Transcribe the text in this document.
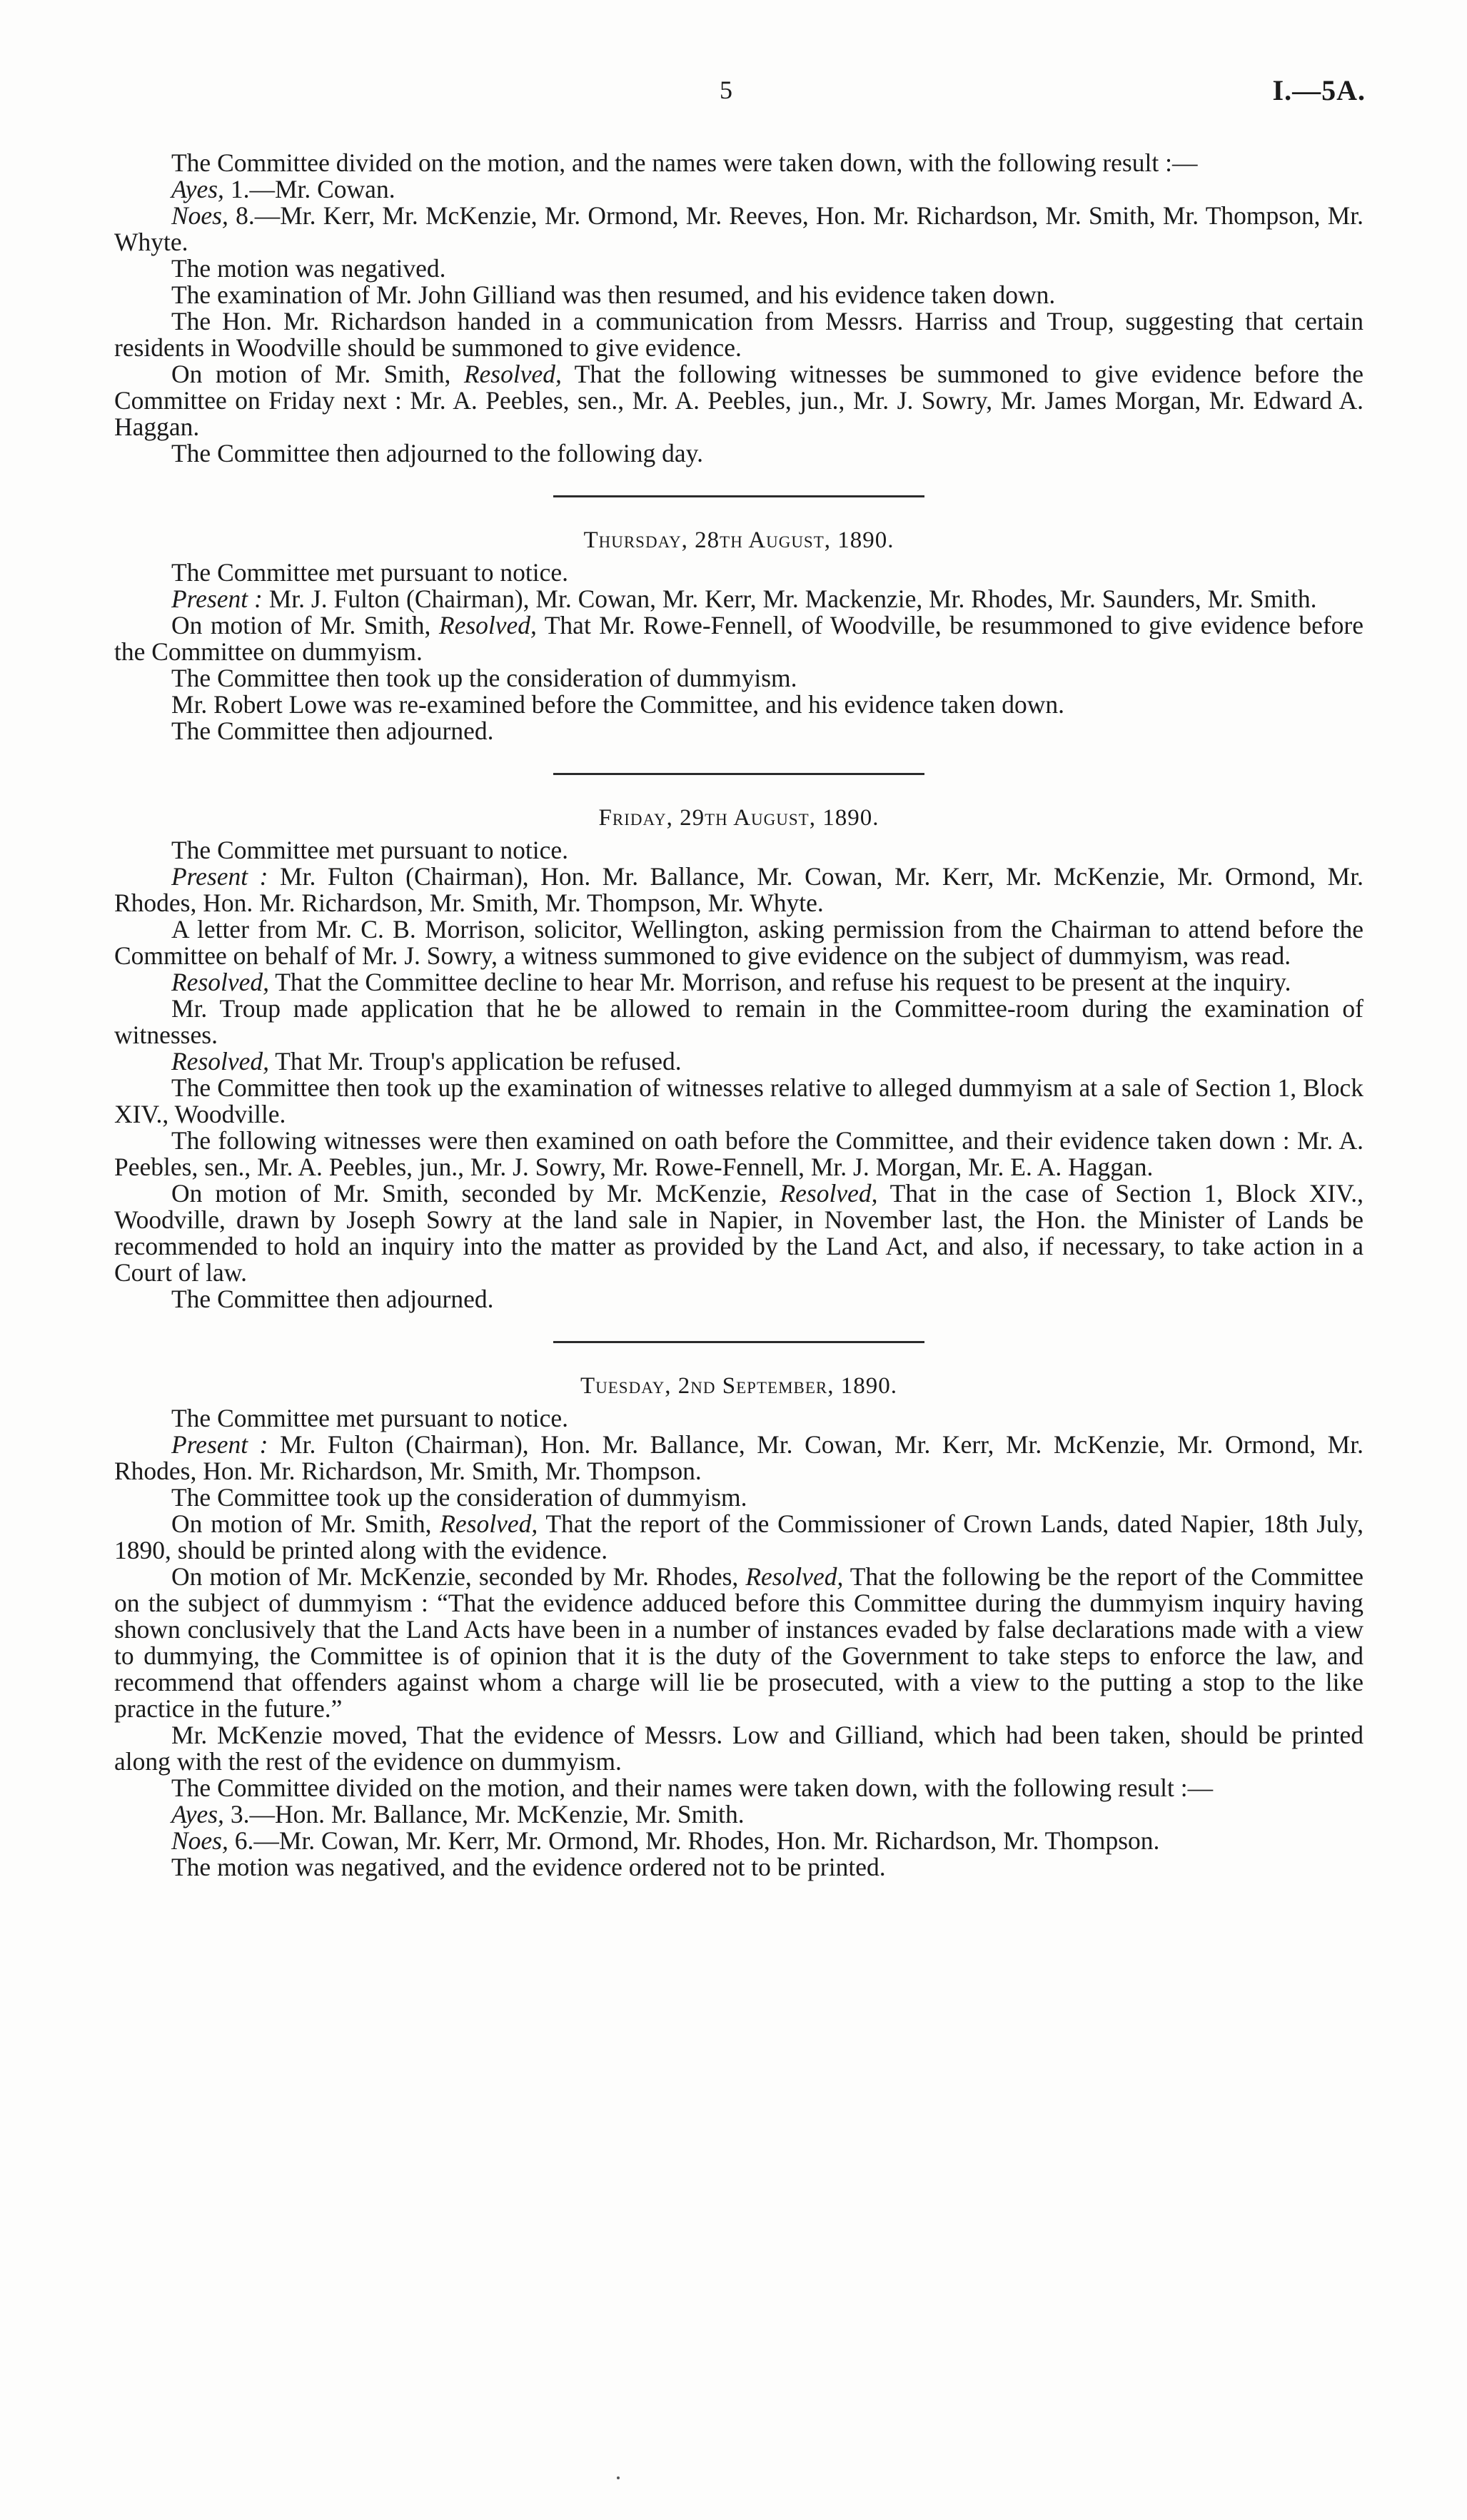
5	I.—5A.

The Committee divided on the motion, and the names were taken down, with the following result :—

Ayes, 1.—Mr. Cowan.

Noes, 8.—Mr. Kerr, Mr. McKenzie, Mr. Ormond, Mr. Reeves, Hon. Mr. Richardson, Mr. Smith, Mr. Thompson, Mr. Whyte.

The motion was negatived.

The examination of Mr. John Gilliand was then resumed, and his evidence taken down.

The Hon. Mr. Richardson handed in a communication from Messrs. Harriss and Troup, suggesting that certain residents in Woodville should be summoned to give evidence.

On motion of Mr. Smith, Resolved, That the following witnesses be summoned to give evidence before the Committee on Friday next : Mr. A. Peebles, sen., Mr. A. Peebles, jun., Mr. J. Sowry, Mr. James Morgan, Mr. Edward A. Haggan.

The Committee then adjourned to the following day.

Thursday, 28th August, 1890.

The Committee met pursuant to notice.

Present : Mr. J. Fulton (Chairman), Mr. Cowan, Mr. Kerr, Mr. Mackenzie, Mr. Rhodes, Mr. Saunders, Mr. Smith.

On motion of Mr. Smith, Resolved, That Mr. Rowe-Fennell, of Woodville, be resummoned to give evidence before the Committee on dummyism.

The Committee then took up the consideration of dummyism.

Mr. Robert Lowe was re-examined before the Committee, and his evidence taken down.

The Committee then adjourned.

Friday, 29th August, 1890.

The Committee met pursuant to notice.

Present : Mr. Fulton (Chairman), Hon. Mr. Ballance, Mr. Cowan, Mr. Kerr, Mr. McKenzie, Mr. Ormond, Mr. Rhodes, Hon. Mr. Richardson, Mr. Smith, Mr. Thompson, Mr. Whyte.

A letter from Mr. C. B. Morrison, solicitor, Wellington, asking permission from the Chairman to attend before the Committee on behalf of Mr. J. Sowry, a witness summoned to give evidence on the subject of dummyism, was read.

Resolved, That the Committee decline to hear Mr. Morrison, and refuse his request to be present at the inquiry.

Mr. Troup made application that he be allowed to remain in the Committee-room during the examination of witnesses.

Resolved, That Mr. Troup's application be refused.

The Committee then took up the examination of witnesses relative to alleged dummyism at a sale of Section 1, Block XIV., Woodville.

The following witnesses were then examined on oath before the Committee, and their evidence taken down : Mr. A. Peebles, sen., Mr. A. Peebles, jun., Mr. J. Sowry, Mr. Rowe-Fennell, Mr. J. Morgan, Mr. E. A. Haggan.

On motion of Mr. Smith, seconded by Mr. McKenzie, Resolved, That in the case of Section 1, Block XIV., Woodville, drawn by Joseph Sowry at the land sale in Napier, in November last, the Hon. the Minister of Lands be recommended to hold an inquiry into the matter as provided by the Land Act, and also, if necessary, to take action in a Court of law.

The Committee then adjourned.

Tuesday, 2nd September, 1890.

The Committee met pursuant to notice.

Present : Mr. Fulton (Chairman), Hon. Mr. Ballance, Mr. Cowan, Mr. Kerr, Mr. McKenzie, Mr. Ormond, Mr. Rhodes, Hon. Mr. Richardson, Mr. Smith, Mr. Thompson.

The Committee took up the consideration of dummyism.

On motion of Mr. Smith, Resolved, That the report of the Commissioner of Crown Lands, dated Napier, 18th July, 1890, should be printed along with the evidence.

On motion of Mr. McKenzie, seconded by Mr. Rhodes, Resolved, That the following be the report of the Committee on the subject of dummyism : “That the evidence adduced before this Committee during the dummyism inquiry having shown conclusively that the Land Acts have been in a number of instances evaded by false declarations made with a view to dummying, the Committee is of opinion that it is the duty of the Government to take steps to enforce the law, and recommend that offenders against whom a charge will lie be prosecuted, with a view to the putting a stop to the like practice in the future.”

Mr. McKenzie moved, That the evidence of Messrs. Low and Gilliand, which had been taken, should be printed along with the rest of the evidence on dummyism.

The Committee divided on the motion, and their names were taken down, with the following result :—

Ayes, 3.—Hon. Mr. Ballance, Mr. McKenzie, Mr. Smith.

Noes, 6.—Mr. Cowan, Mr. Kerr, Mr. Ormond, Mr. Rhodes, Hon. Mr. Richardson, Mr. Thompson.

The motion was negatived, and the evidence ordered not to be printed.
